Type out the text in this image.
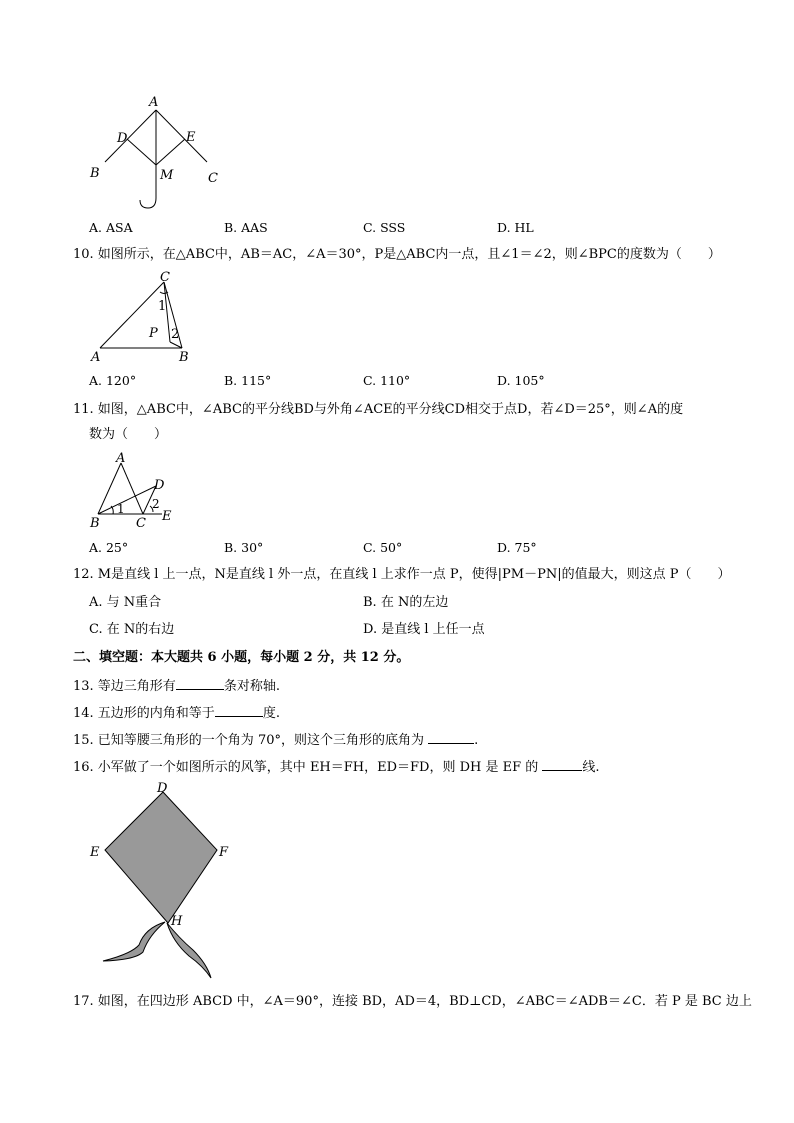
A
B	C
D	E
M
A. ASA	B. AAS	C. SSS	D. HL
10. 如图所示，在△ABC中，AB＝AC，∠A＝30°，P是△ABC内一点，且∠1＝∠2，则∠BPC的度数为（　　）
C
A	B
P
1
2
A. 120°	B. 115°	C. 110°	D. 105°
11. 如图，△ABC中，∠ABC的平分线BD与外角∠ACE的平分线CD相交于点D，若∠D＝25°，则∠A的度
数为（　　）
A
B	C
D
E
1 2
A. 25°	B. 30°	C. 50°	D. 75°
12. M是直线 l 上一点，N是直线 l 外一点，在直线 l 上求作一点 P，使得|PM－PN|的值最大，则这点 P（　　）
A. 与 N重合	B. 在 N的左边
C. 在 N的右边	D. 是直线 l 上任一点
二、填空题：本大题共 6 小题，每小题 2 分，共 12 分。
13. 等边三角形有	条对称轴.
14. 五边形的内角和等于	度.
15. 已知等腰三角形的一个角为 70°，则这个三角形的底角为	.
16. 小军做了一个如图所示的风筝，其中 EH＝FH，ED＝FD，则 DH 是 EF 的	线.
D
E	F
H
17. 如图，在四边形 ABCD 中，∠A＝90°，连接 BD，AD＝4，BD⊥CD，∠ABC＝∠ADB＝∠C．若 P 是 BC 边上
